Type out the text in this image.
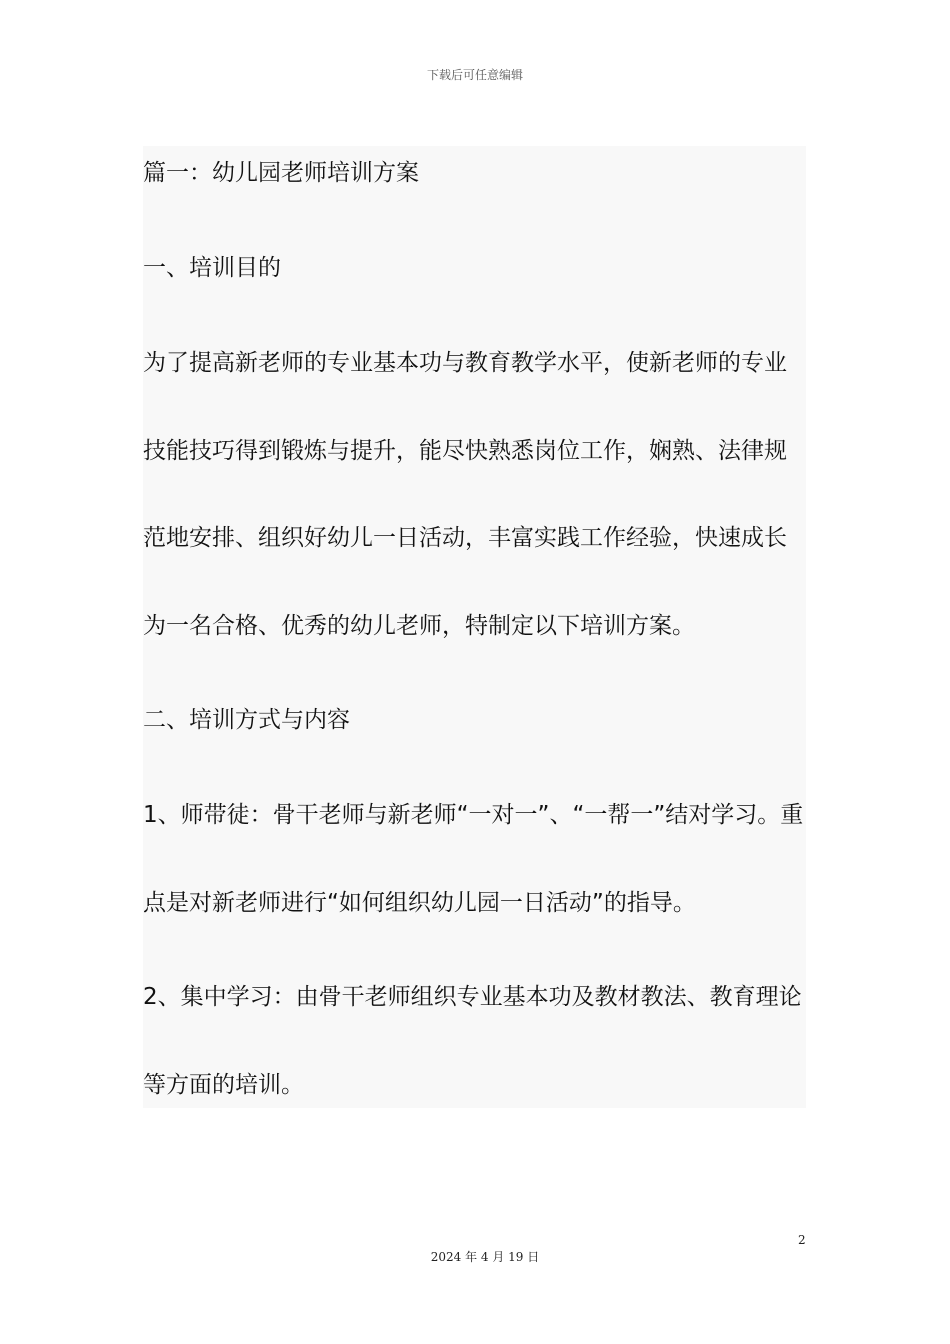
下载后可任意编辑
篇一：幼儿园老师培训方案
一、培训目的
为了提高新老师的专业基本功与教育教学水平，使新老师的专业
技能技巧得到锻炼与提升，能尽快熟悉岗位工作，娴熟、法律规
范地安排、组织好幼儿一日活动，丰富实践工作经验，快速成长
为一名合格、优秀的幼儿老师，特制定以下培训方案。
二、培训方式与内容
1、师带徒：骨干老师与新老师“一对一”、“一帮一”结对学习。重
点是对新老师进行“如何组织幼儿园一日活动”的指导。
2、集中学习：由骨干老师组织专业基本功及教材教法、教育理论
等方面的培训。
2
2024 年 4 月 19 日
